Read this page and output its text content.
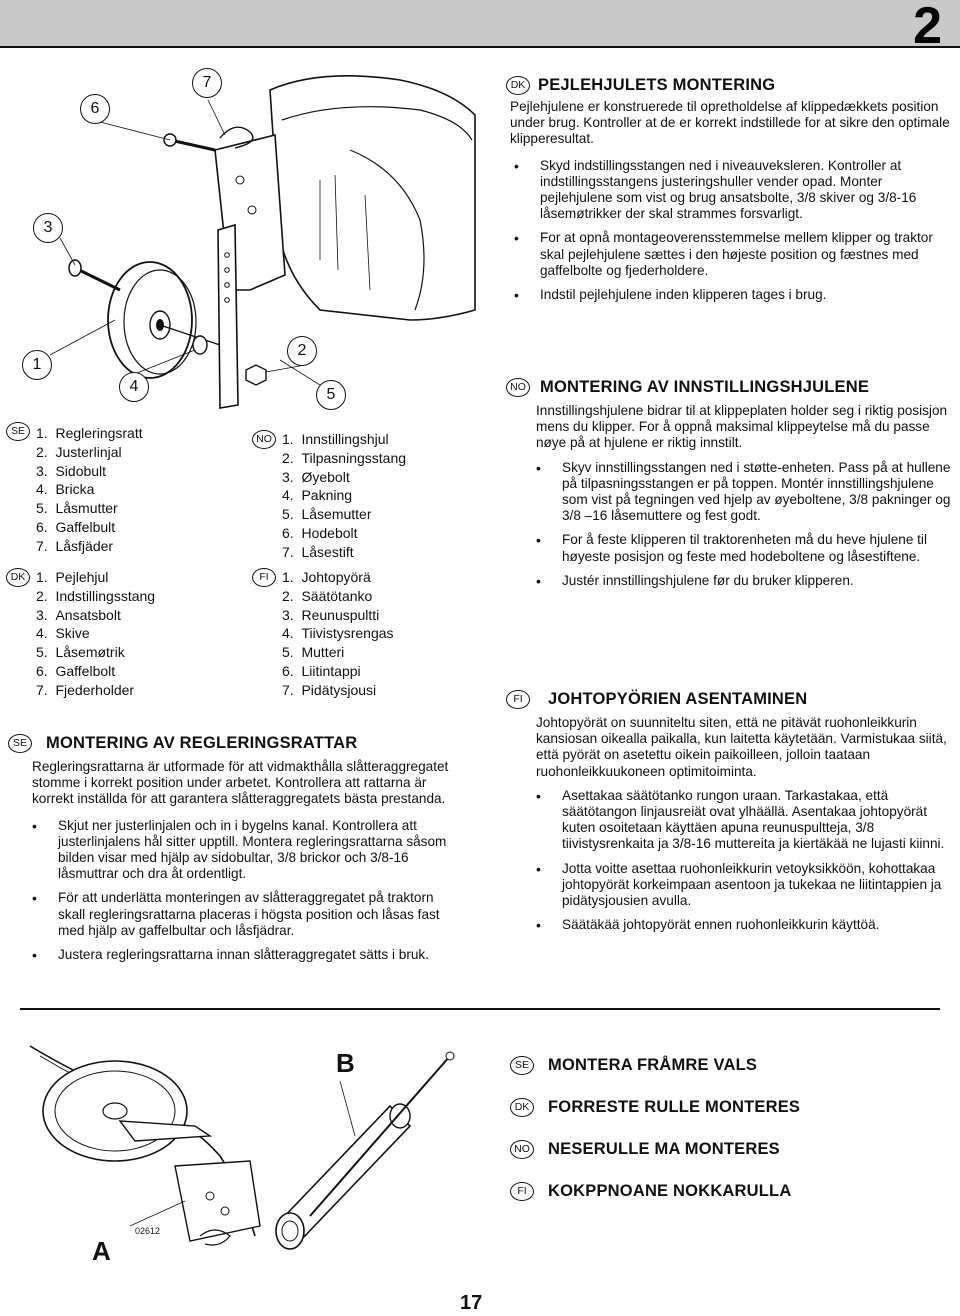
2
6
7
3
1
2
4	5
DK PEJLEHJULETS MONTERING

Pejlehjulene er konstruerede til opretholdelse af klippedækkets position under brug. Kontroller at de er korrekt indstillede for at sikre den optimale klipperesultat.

• Skyd indstillingsstangen ned i niveauveksleren. Kontroller at indstillingsstangens justeringshuller vender opad. Monter pejlehjulene som vist og brug ansatsbolte, 3/8 skiver og 3/8-16 låsemøtrikker der skal strammes forsvarligt.
• For at opnå montageoverensstemmelse mellem klipper og traktor skal pejlehjulene sættes i den højeste position og fæstnes med gaffelbolte og fjederholdere.
• Indstil pejlehjulene inden klipperen tages i brug.
SE 1.  Regleringsratt
2.  Justerlinjal
3.  Sidobult
4.  Bricka
5.  Låsmutter
6.  Gaffelbult
7.  Låsfjäder
DK 1.  Pejlehjul
2.  Indstillingsstang
3.  Ansatsbolt
4.  Skive
5.  Låsemøtrik
6.  Gaffelbolt
7.  Fjederholder
NO 1.  Innstillingshjul
2.  Tilpasningsstang
3.  Øyebolt
4.  Pakning
5.  Låsemutter
6.  Hodebolt
7.  Låsestift
FI 1.  Johtopyörä
2.  Säätötanko
3.  Reunuspultti
4.  Tiivistysrengas
5.  Mutteri
6.  Liitintappi
7.  Pidätysjousi
NO MONTERING AV INNSTILLINGSHJULENE

Innstillingshjulene bidrar til at klippeplaten holder seg i riktig posisjon mens du klipper. For å oppnå maksimal klippeytelse må du passe nøye på at hjulene er riktig innstilt.

• Skyv innstillingsstangen ned i støtte-enheten. Pass på at hullene på tilpasningsstangen er på toppen. Montér innstillingshjulene som vist på tegningen ved hjelp av øyeboltene, 3/8 pakninger og 3/8 –16 låsemuttere og fest godt.
• For å feste klipperen til traktorenheten må du heve hjulene til høyeste posisjon og feste med hodeboltene og låsestiftene.
• Justér innstillingshjulene før du bruker klipperen.
SE	MONTERING AV REGLERINGSRATTAR

Regleringsrattarna är utformade för att vidmakthålla slåtteraggregatet stomme i korrekt position under arbetet. Kontrollera att rattarna är korrekt inställda för att garantera slåtteraggregatets bästa prestanda.

• Skjut ner justerlinjalen och in i bygelns kanal. Kontrollera att justerlinjalens hål sitter upptill. Montera regleringsrattarna såsom bilden visar med hjälp av sidobultar, 3/8 brickor och 3/8-16 låsmuttrar och dra åt ordentligt.
• För att underlätta monteringen av slåtteraggregatet på traktorn skall regleringsrattarna placeras i högsta position och låsas fast med hjälp av gaffelbultar och låsfjädrar.
• Justera regleringsrattarna innan slåtteraggregatet sätts i bruk.
FI	JOHTOPYÖRIEN ASENTAMINEN

Johtopyörät on suunniteltu siten, että ne pitävät ruohonleikkurin kansiosan oikealla paikalla, kun laitetta käytetään. Varmistukaa siitä, että pyörät on asetettu oikein paikoilleen, jolloin taataan ruohonleikkuukoneen optimitoiminta.

• Asettakaa säätötanko rungon uraan. Tarkastakaa, että säätötangon linjausreiät ovat ylhäällä. Asentakaa johtopyörät kuten osoitetaan käyttäen apuna reunuspultteja, 3/8 tiivistysrenkaita ja 3/8-16 muttereita ja kiertäkää ne lujasti kiinni.
• Jotta voitte asettaa ruohonleikkurin vetoyksikköön, kohottakaa johtopyörät korkeimpaan asentoon ja tukekaa ne liitintappien ja pidätysjousien avulla.
• Säätäkää johtopyörät ennen ruohonleikkurin käyttöä.
A
B
02612
SE	MONTERA FRÅMRE VALS
DK FORRESTE RULLE MONTERES
NO NESERULLE MA MONTERES
FI	KOKPPNOANE NOKKARULLA
17
